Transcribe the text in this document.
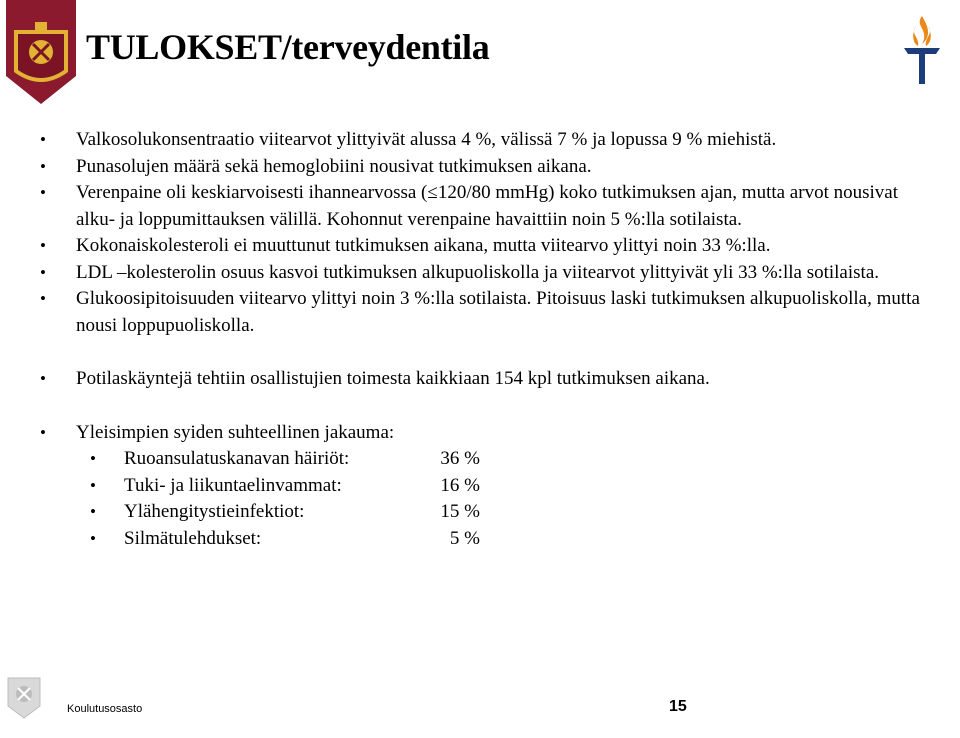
TULOKSET/terveydentila
• Valkosolukonsentraatio viitearvot ylittyivät alussa 4 %, välissä 7 % ja lopussa 9 % miehistä.
• Punasolujen määrä sekä hemoglobiini nousivat tutkimuksen aikana.
• Verenpaine oli keskiarvoisesti ihannearvossa (≤120/80 mmHg) koko tutkimuksen ajan, mutta arvot nousivat alku- ja loppumittauksen välillä. Kohonnut verenpaine havaittiin noin 5 %:lla sotilaista.
• Kokonaiskolesteroli ei muuttunut tutkimuksen aikana, mutta viitearvo ylittyi noin 33 %:lla.
• LDL –kolesterolin osuus kasvoi tutkimuksen alkupuoliskolla ja viitearvot ylittyivät yli 33 %:lla sotilaista.
• Glukoosipitoisuuden viitearvo ylittyi noin 3 %:lla sotilaista. Pitoisuus laski tutkimuksen alkupuoliskolla, mutta nousi loppupuoliskolla.
• Potilaskäyntejä tehtiin osallistujien toimesta kaikkiaan 154 kpl tutkimuksen aikana.
• Yleisimpien syiden suhteellinen jakauma:
• Ruoansulatuskanavan häiriöt:	36 %
• Tuki- ja liikuntaelinvammat:	16 %
• Ylähengitystieinfektiot:	15 %
• Silmätulehdukset:	5 %
Koulutusosasto	15
